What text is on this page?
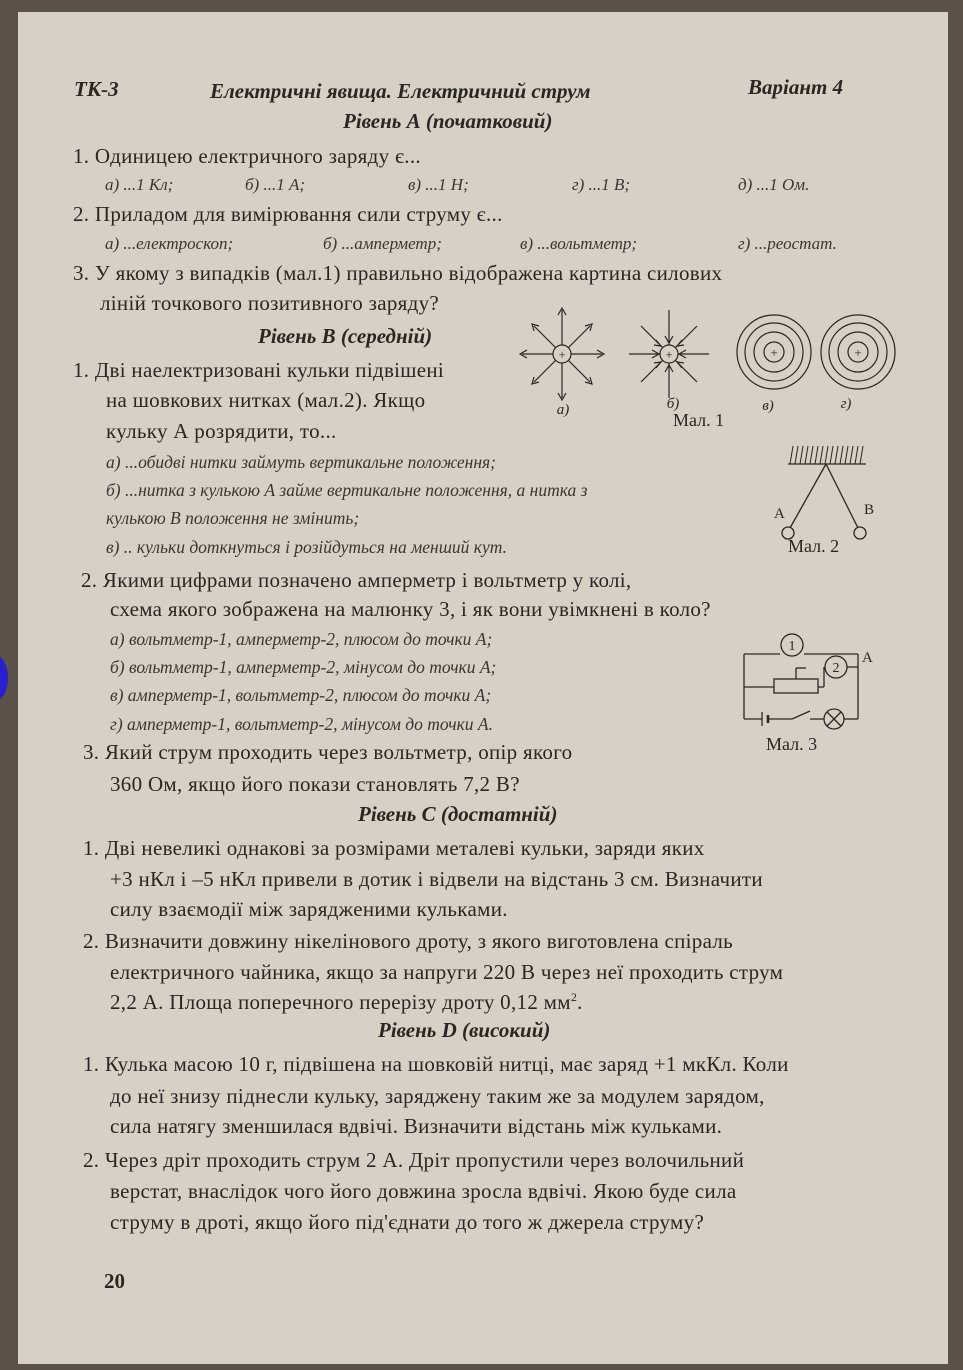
ТК-3	Електричні явища. Електричний струм	Варіант 4
Рівень А (початковий)
1. Одиницею електричного заряду є...
а) ...1 Кл;	б) ...1 А;	в) ...1 Н;	г) ...1 В;	д) ...1 Ом.
2. Приладом для вимірювання сили струму є...
а) ...електроскоп;	б) ...амперметр;	в) ...вольтметр;	г) ...реостат.
3. У якому з випадків (мал.1) правильно відображена картина силових
ліній точкового позитивного заряду?
+	+	+	+
а)	б)	в)	г)
Мал. 1
Рівень В (середній)
1. Дві наелектризовані кульки підвішені
на шовкових нитках (мал.2). Якщо
кульку А розрядити, то...
а) ...обидві нитки займуть вертикальне положення;
б) ...нитка з кулькою А займе вертикальне положення, а нитка з
кулькою В положення не змінить;
в) .. кульки доткнуться і розійдуться на менший кут.
А	В
Мал. 2
2. Якими цифрами позначено амперметр і вольтметр у колі,
схема якого зображена на малюнку 3, і як вони увімкнені в коло?
а) вольтметр-1, амперметр-2, плюсом до точки А;
б) вольтметр-1, амперметр-2, мінусом до точки А;
в) амперметр-1, вольтметр-2, плюсом до точки А;
г) амперметр-1, вольтметр-2, мінусом до точки А.
1
2
А
Мал. 3
3. Який струм проходить через вольтметр, опір якого
360 Ом, якщо його покази становлять 7,2 В?
Рівень С (достатній)
1. Дві невеликі однакові за розмірами металеві кульки, заряди яких
+3 нКл і –5 нКл привели в дотик і відвели на відстань 3 см. Визначити
силу взаємодії між зарядженими кульками.
2. Визначити довжину нікелінового дроту, з якого виготовлена спіраль
електричного чайника, якщо за напруги 220 В через неї проходить струм
2,2 А. Площа поперечного перерізу дроту 0,12 $мм^2$.
Рівень D (високий)
1. Кулька масою 10 г, підвішена на шовковій нитці, має заряд +1 мкКл. Коли
до неї знизу піднесли кульку, заряджену таким же за модулем зарядом,
сила натягу зменшилася вдвічі. Визначити відстань між кульками.
2. Через дріт проходить струм 2 А. Дріт пропустили через волочильний
верстат, внаслідок чого його довжина зросла вдвічі. Якою буде сила
струму в дроті, якщо його під'єднати до того ж джерела струму?
20
